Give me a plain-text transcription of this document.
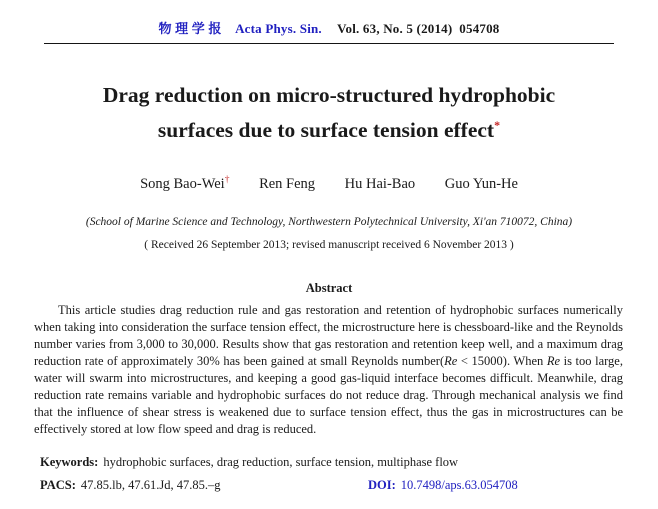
物 理 学 报 Acta Phys. Sin. Vol. 63, No. 5 (2014)  054708
Drag reduction on micro-structured hydrophobic
surfaces due to surface tension effect*
Song Bao-Wei† Ren Feng Hu Hai-Bao Guo Yun-He
(School of Marine Science and Technology, Northwestern Polytechnical University, Xi'an 710072, China)
( Received 26 September 2013; revised manuscript received 6 November 2013 )
Abstract
This article studies drag reduction rule and gas restoration and retention of hydrophobic surfaces numerically when taking into consideration the surface tension effect, the microstructure here is chessboard-like and the Reynolds number varies from 3,000 to 30,000. Results show that gas restoration and retention keep well, and a maximum drag reduction rate of approximately 30% has been gained at small Reynolds number(Re < 15000). When Re is too large, water will swarm into microstructures, and keeping a good gas-liquid interface becomes difficult. Meanwhile, drag reduction rate remains variable and hydrophobic surfaces do not reduce drag. Through mechanical analysis we find that the influence of shear stress is weakened due to surface tension effect, thus the gas in microstructures can be effectively stored at low flow speed and drag is reduced.
Keywords: hydrophobic surfaces, drag reduction, surface tension, multiphase flow
PACS: 47.85.lb, 47.61.Jd, 47.85.–g	DOI: 10.7498/aps.63.054708
